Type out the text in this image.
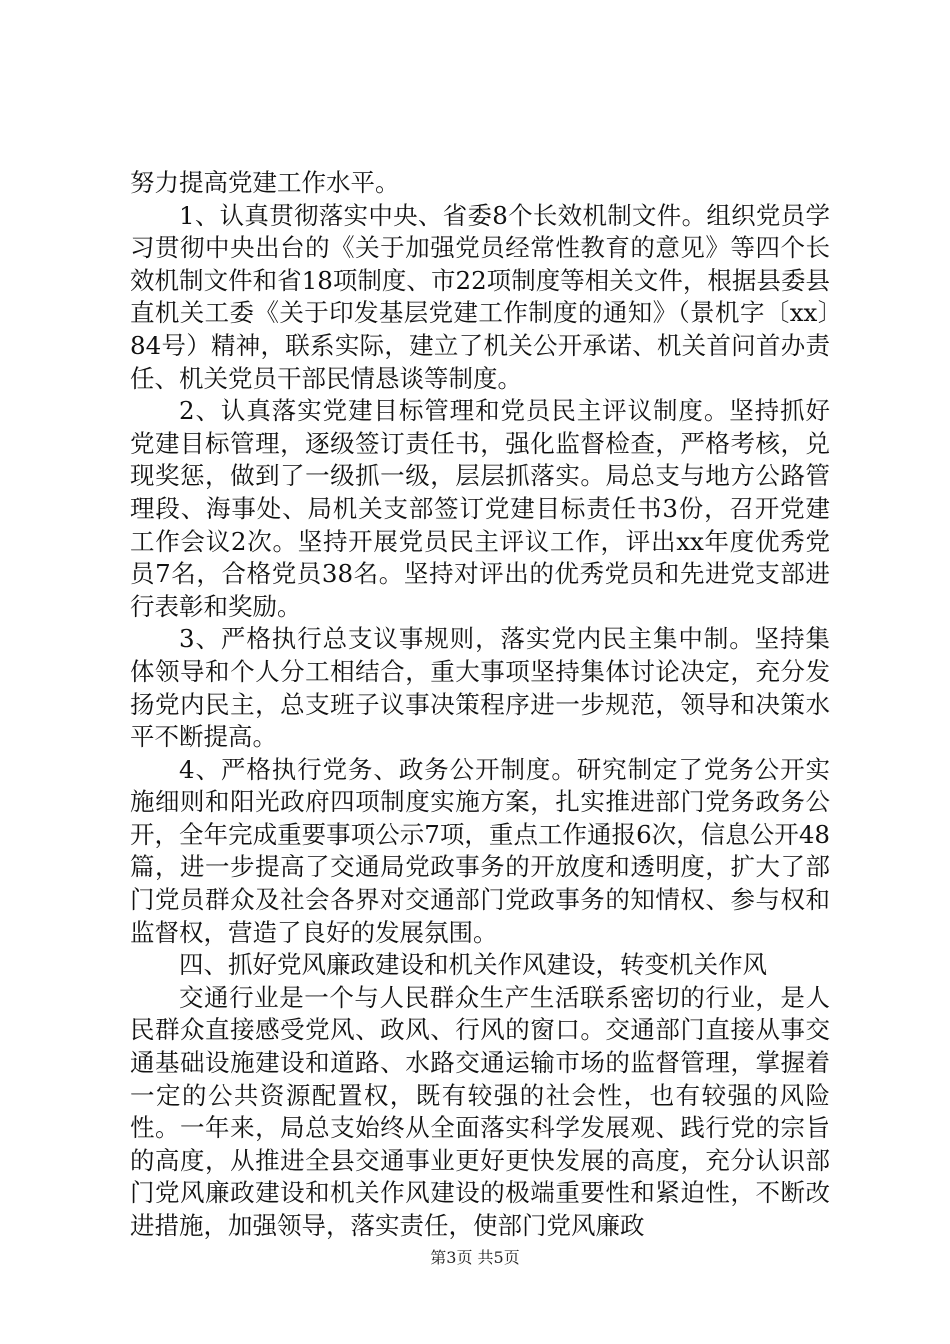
努力提高党建工作水平。

1、认真贯彻落实中央、省委8个长效机制文件。组织党员学习贯彻中央出台的《关于加强党员经常性教育的意见》等四个长效机制文件和省18项制度、市22项制度等相关文件，根据县委县直机关工委《关于印发基层党建工作制度的通知》（景机字〔xx〕84号）精神，联系实际，建立了机关公开承诺、机关首问首办责任、机关党员干部民情恳谈等制度。

2、认真落实党建目标管理和党员民主评议制度。坚持抓好党建目标管理，逐级签订责任书，强化监督检查，严格考核，兑现奖惩，做到了一级抓一级，层层抓落实。局总支与地方公路管理段、海事处、局机关支部签订党建目标责任书3份，召开党建工作会议2次。坚持开展党员民主评议工作，评出xx年度优秀党员7名，合格党员38名。坚持对评出的优秀党员和先进党支部进行表彰和奖励。

3、严格执行总支议事规则，落实党内民主集中制。坚持集体领导和个人分工相结合，重大事项坚持集体讨论决定，充分发扬党内民主，总支班子议事决策程序进一步规范，领导和决策水平不断提高。

4、严格执行党务、政务公开制度。研究制定了党务公开实施细则和阳光政府四项制度实施方案，扎实推进部门党务政务公开，全年完成重要事项公示7项，重点工作通报6次，信息公开48篇，进一步提高了交通局党政事务的开放度和透明度，扩大了部门党员群众及社会各界对交通部门党政事务的知情权、参与权和监督权，营造了良好的发展氛围。

四、抓好党风廉政建设和机关作风建设，转变机关作风

交通行业是一个与人民群众生产生活联系密切的行业，是人民群众直接感受党风、政风、行风的窗口。交通部门直接从事交通基础设施建设和道路、水路交通运输市场的监督管理，掌握着一定的公共资源配置权，既有较强的社会性，也有较强的风险性。一年来，局总支始终从全面落实科学发展观、践行党的宗旨的高度，从推进全县交通事业更好更快发展的高度，充分认识部门党风廉政建设和机关作风建设的极端重要性和紧迫性，不断改进措施，加强领导，落实责任，使部门党风廉政

第3页 共5页
